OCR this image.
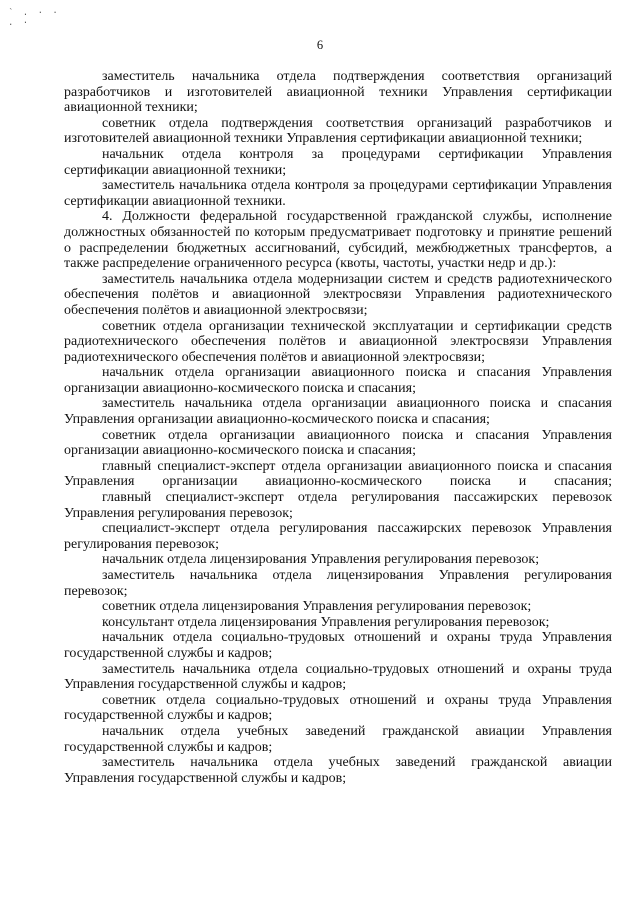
` . · ·
. ·
6

заместитель начальника отдела подтверждения соответствия организаций разработчиков и изготовителей авиационной техники Управления сертификации авиационной техники;

советник отдела подтверждения соответствия организаций разработчиков и изготовителей авиационной техники Управления сертификации авиационной техники;

начальник отдела контроля за процедурами сертификации Управления сертификации авиационной техники;

заместитель начальника отдела контроля за процедурами сертификации Управления сертификации авиационной техники.

4. Должности федеральной государственной гражданской службы, исполнение должностных обязанностей по которым предусматривает подготовку и принятие решений о распределении бюджетных ассигнований, субсидий, межбюджетных трансфертов, а также распределение ограниченного ресурса (квоты, частоты, участки недр и др.):

заместитель начальника отдела модернизации систем и средств радиотехнического обеспечения полётов и авиационной электросвязи Управления радиотехнического обеспечения полётов и авиационной электросвязи;

советник отдела организации технической эксплуатации и сертификации средств радиотехнического обеспечения полётов и авиационной электросвязи Управления радиотехнического обеспечения полётов и авиационной электросвязи;

начальник отдела организации авиационного поиска и спасания Управления организации авиационно-космического поиска и спасания;

заместитель начальника отдела организации авиационного поиска и спасания Управления организации авиационно-космического поиска и спасания;

советник отдела организации авиационного поиска и спасания Управления организации авиационно-космического поиска и спасания;

главный специалист-эксперт отдела организации авиационного поиска и спасания Управления организации авиационно-космического поиска и спасания;

главный специалист-эксперт отдела регулирования пассажирских перевозок Управления регулирования перевозок;

специалист-эксперт отдела регулирования пассажирских перевозок Управления регулирования перевозок;

начальник отдела лицензирования Управления регулирования перевозок;

заместитель начальника отдела лицензирования Управления регулирования перевозок;

советник отдела лицензирования Управления регулирования перевозок;

консультант отдела лицензирования Управления регулирования перевозок;

начальник отдела социально-трудовых отношений и охраны труда Управления государственной службы и кадров;

заместитель начальника отдела социально-трудовых отношений и охраны труда Управления государственной службы и кадров;

советник отдела социально-трудовых отношений и охраны труда Управления государственной службы и кадров;

начальник отдела учебных заведений гражданской авиации Управления государственной службы и кадров;

заместитель начальника отдела учебных заведений гражданской авиации Управления государственной службы и кадров;
